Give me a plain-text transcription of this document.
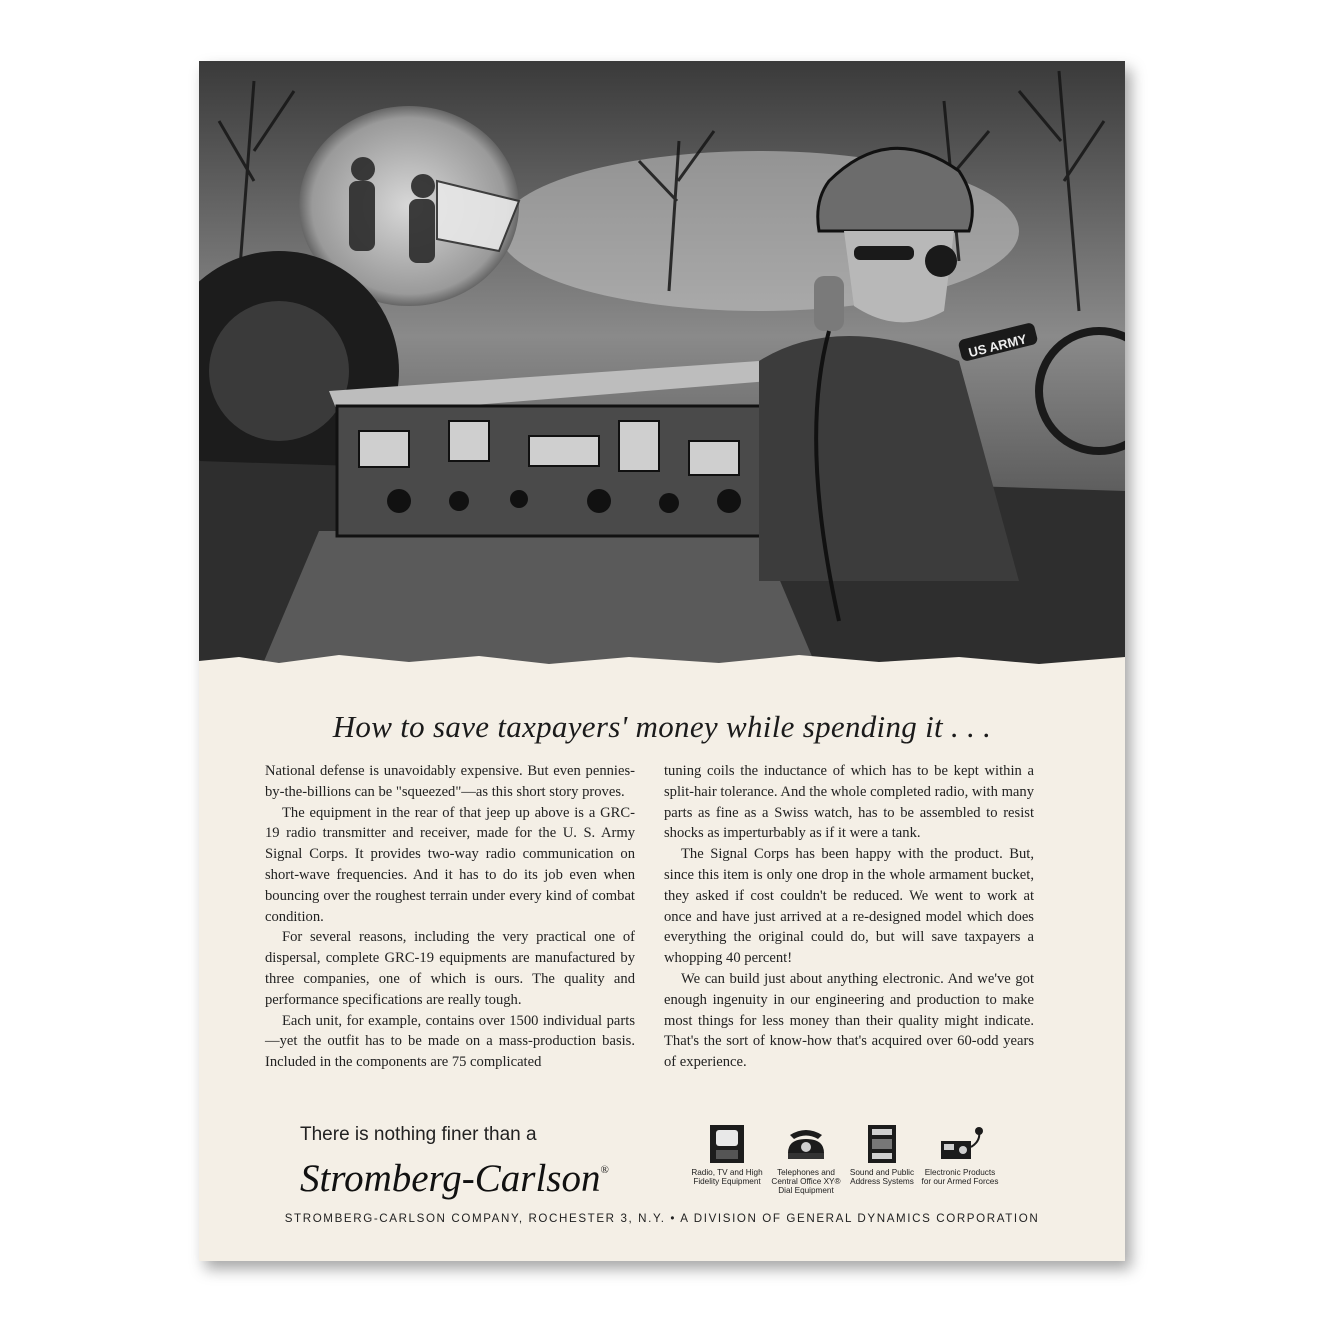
US ARMY
How to save taxpayers' money while spending it . . .

National defense is unavoidably expensive. But even pennies-by-the-billions can be "squeezed"—as this short story proves.

The equipment in the rear of that jeep up above is a GRC-19 radio transmitter and receiver, made for the U. S. Army Signal Corps. It provides two-way radio communication on short-wave frequencies. And it has to do its job even when bouncing over the roughest terrain under every kind of combat condition.

For several reasons, including the very practical one of dispersal, complete GRC-19 equipments are manufactured by three companies, one of which is ours. The quality and performance specifications are really tough.

Each unit, for example, contains over 1500 individual parts—yet the outfit has to be made on a mass-production basis. Included in the components are 75 complicated

tuning coils the inductance of which has to be kept within a split-hair tolerance. And the whole completed radio, with many parts as fine as a Swiss watch, has to be assembled to resist shocks as imperturbably as if it were a tank.

The Signal Corps has been happy with the product. But, since this item is only one drop in the whole armament bucket, they asked if cost couldn't be reduced. We went to work at once and have just arrived at a re-designed model which does everything the original could do, but will save taxpayers a whopping 40 percent!

We can build just about anything electronic. And we've got enough ingenuity in our engineering and production to make most things for less money than their quality might indicate. That's the sort of know-how that's acquired over 60-odd years of experience.

There is nothing finer than a
Stromberg-Carlson®	Radio, TV and High Fidelity Equipment
Telephones and Central Office XY® Dial Equipment
Sound and Public Address Systems
Electronic Products for our Armed Forces
STROMBERG-CARLSON COMPANY, ROCHESTER 3, N.Y. • A DIVISION OF GENERAL DYNAMICS CORPORATION
